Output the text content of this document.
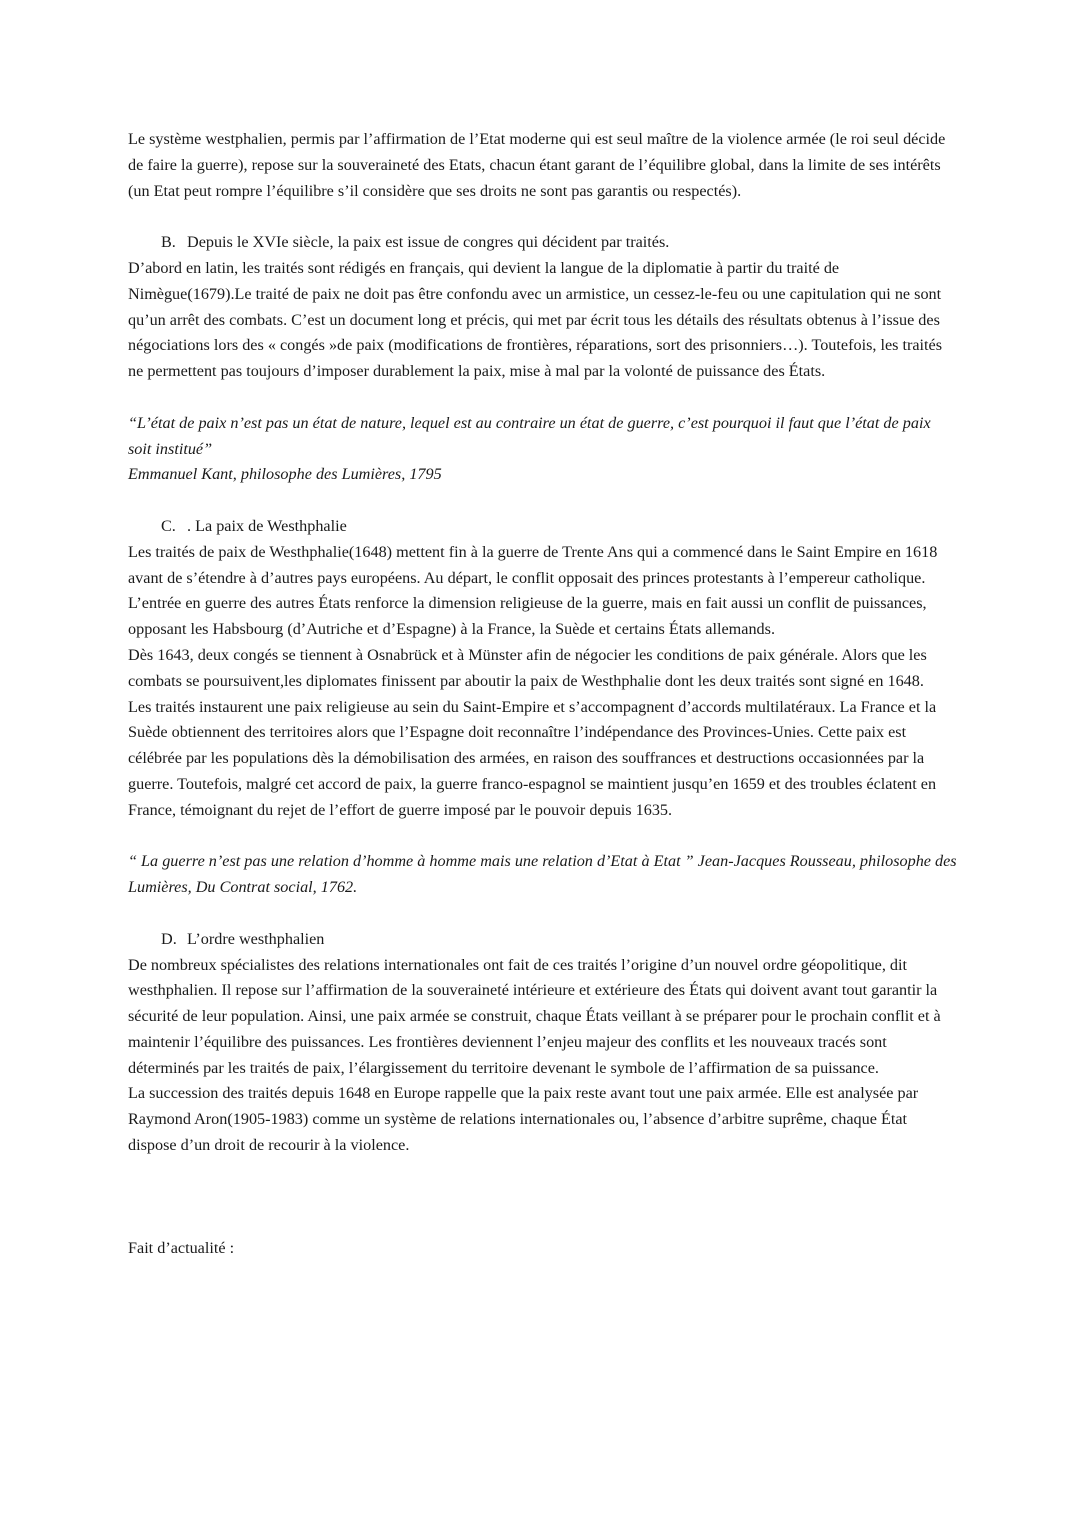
Le système westphalien, permis par l’affirmation de l’Etat moderne qui est seul maître de la violence armée (le roi seul décide de faire la guerre), repose sur la souveraineté des Etats, chacun étant garant de l’équilibre global, dans la limite de ses intérêts (un Etat peut rompre l’équilibre s’il considère que ses droits ne sont pas garantis ou respectés).

B. Depuis le XVIe siècle, la paix est issue de congres qui décident par traités.

D’abord en latin, les traités sont rédigés en français, qui devient la langue de la diplomatie à partir du traité de Nimègue(1679).Le traité de paix ne doit pas être confondu avec un armistice, un cessez-le-feu ou une capitulation qui ne sont qu’un arrêt des combats. C’est un document long et précis, qui met par écrit tous les détails des résultats obtenus à l’issue des négociations lors des « congés »de paix (modifications de frontières, réparations, sort des prisonniers…). Toutefois, les traités ne permettent pas toujours d’imposer durablement la paix, mise à mal par la volonté de puissance des États.

“L’état de paix n’est pas un état de nature, lequel est au contraire un état de guerre, c’est pourquoi il faut que l’état de paix soit institué”

Emmanuel Kant, philosophe des Lumières, 1795

C. . La paix de Westhphalie

Les traités de paix de Westhphalie(1648) mettent fin à la guerre de Trente Ans qui a commencé dans le Saint Empire en 1618 avant de s’étendre à d’autres pays européens. Au départ, le conflit opposait des princes protestants à l’empereur catholique. L’entrée en guerre des autres États renforce la dimension religieuse de la guerre, mais en fait aussi un conflit de puissances, opposant les Habsbourg (d’Autriche et d’Espagne) à la France, la Suède et certains États allemands.

Dès 1643, deux congés se tiennent à Osnabrück et à Münster afin de négocier les conditions de paix générale. Alors que les combats se poursuivent,les diplomates finissent par aboutir la paix de Westhphalie dont les deux traités sont signé en 1648.

Les traités instaurent une paix religieuse au sein du Saint-Empire et s’accompagnent d’accords multilatéraux. La France et la Suède obtiennent des territoires alors que l’Espagne doit reconnaître l’indépendance des Provinces-Unies. Cette paix est célébrée par les populations dès la démobilisation des armées, en raison des souffrances et destructions occasionnées par la guerre. Toutefois, malgré cet accord de paix, la guerre franco-espagnol se maintient jusqu’en 1659 et des troubles éclatent en France, témoignant du rejet de l’effort de guerre imposé par le pouvoir depuis 1635.

“ La guerre n’est pas une relation d’homme à homme mais une relation d’Etat à Etat ” Jean-Jacques Rousseau, philosophe des Lumières, Du Contrat social, 1762.

D. L’ordre westhphalien

De nombreux spécialistes des relations internationales ont fait de ces traités l’origine d’un nouvel ordre géopolitique, dit westhphalien. Il repose sur l’affirmation de la souveraineté intérieure et extérieure des États qui doivent avant tout garantir la sécurité de leur population. Ainsi, une paix armée se construit, chaque États veillant à se préparer pour le prochain conflit et à maintenir l’équilibre des puissances. Les frontières deviennent l’enjeu majeur des conflits et les nouveaux tracés sont déterminés par les traités de paix, l’élargissement du territoire devenant le symbole de l’affirmation de sa puissance.

La succession des traités depuis 1648 en Europe rappelle que la paix reste avant tout une paix armée. Elle est analysée par Raymond Aron(1905-1983) comme un système de relations internationales ou, l’absence d’arbitre suprême, chaque État dispose d’un droit de recourir à la violence.

Fait d’actualité :
